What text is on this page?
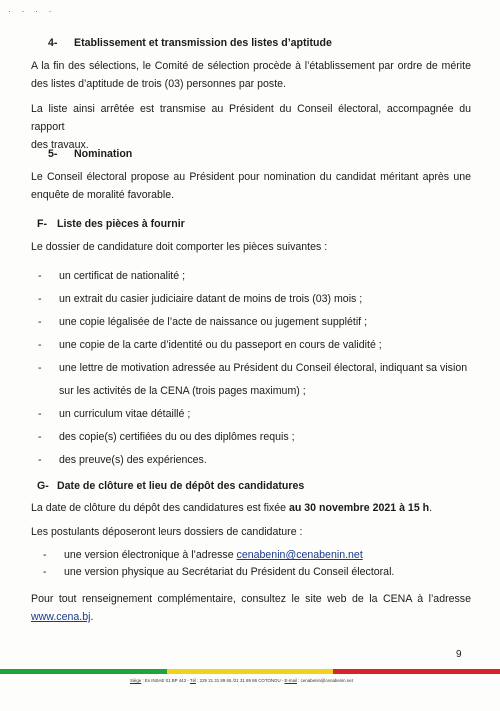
· · · ·
4- Etablissement et transmission des listes d’aptitude
A la fin des sélections, le Comité de sélection procède à l’établissement par ordre de mérite
des listes d’aptitude de trois (03) personnes par poste.
La liste ainsi arrêtée est transmise au Président du Conseil électoral, accompagnée du rapport
des travaux.
5- Nomination
Le Conseil électoral propose au Président pour nomination du candidat méritant après une
enquête de moralité favorable.
F- Liste des pièces à fournir
Le dossier de candidature doit comporter les pièces suivantes :
- un certificat de nationalité ;
- un extrait du casier judiciaire datant de moins de trois (03) mois ;
- une copie légalisée de l’acte de naissance ou jugement supplétif ;
- une copie de la carte d’identité ou du passeport en cours de validité ;
- une lettre de motivation adressée au Président du Conseil électoral, indiquant sa vision
sur les activités de la CENA (trois pages maximum) ;
- un curriculum vitae détaillé ;
- des copie(s) certifiées du ou des diplômes requis ;
- des preuve(s) des expériences.
G- Date de clôture et lieu de dépôt des candidatures
La date de clôture du dépôt des candidatures est fixée au 30 novembre 2021 à 15 h.
Les postulants déposeront leurs dossiers de candidature :
- une version électronique à l’adresse cenabenin@cenabenin.net
- une version physique au Secrétariat du Président du Conseil électoral.
Pour tout renseignement complémentaire, consultez le site web de la CENA à l’adresse
www.cena.bj.
9
Siège : Ex INSAE 01 BP 443 - Tél : 229 21 31 89 65 /21 31 89 86 COTONOU - E-mail : cenabenin@cenabenin.net
